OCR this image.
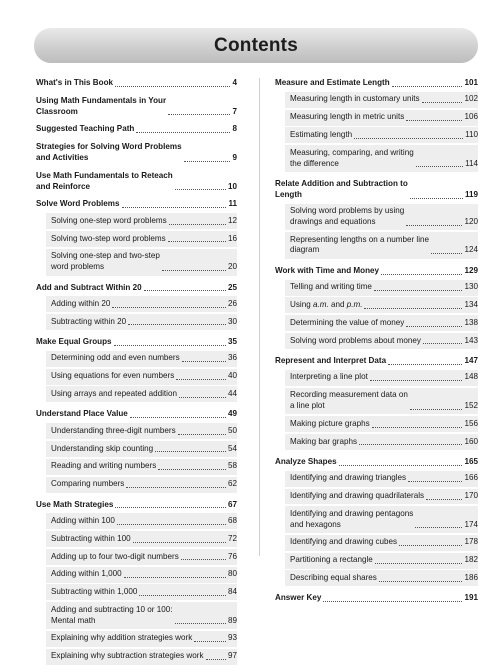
Contents
What's in This Book	4
Using Math Fundamentals in Your
Classroom	7
Suggested Teaching Path	8
Strategies for Solving Word Problems
and Activities	9
Use Math Fundamentals to Reteach
and Reinforce	10
Solve Word Problems	11
Solving one-step word problems	12
Solving two-step word problems	16
Solving one-step and two-step
word problems	20
Add and Subtract Within 20	25
Adding within 20	26
Subtracting within 20	30
Make Equal Groups	35
Determining odd and even numbers	36
Using equations for even numbers	40
Using arrays and repeated addition	44
Understand Place Value	49
Understanding three-digit numbers	50
Understanding skip counting	54
Reading and writing numbers	58
Comparing numbers	62
Use Math Strategies	67
Adding within 100	68
Subtracting within 100	72
Adding up to four two-digit numbers	76
Adding within 1,000	80
Subtracting within 1,000	84
Adding and subtracting 10 or 100:
Mental math	89
Explaining why addition strategies work	93
Explaining why subtraction strategies work	97
Measure and Estimate Length	101
Measuring length in customary units	102
Measuring length in metric units	106
Estimating length	110
Measuring, comparing, and writing
the difference	114
Relate Addition and Subtraction to
Length	119
Solving word problems by using
drawings and equations	120
Representing lengths on a number line
diagram	124
Work with Time and Money	129
Telling and writing time	130
Using a.m. and p.m.	134
Determining the value of money	138
Solving word problems about money	143
Represent and Interpret Data	147
Interpreting a line plot	148
Recording measurement data on
a line plot	152
Making picture graphs	156
Making bar graphs	160
Analyze Shapes	165
Identifying and drawing triangles	166
Identifying and drawing quadrilaterals	170
Identifying and drawing pentagons
and hexagons	174
Identifying and drawing cubes	178
Partitioning a rectangle	182
Describing equal shares	186
Answer Key	191
